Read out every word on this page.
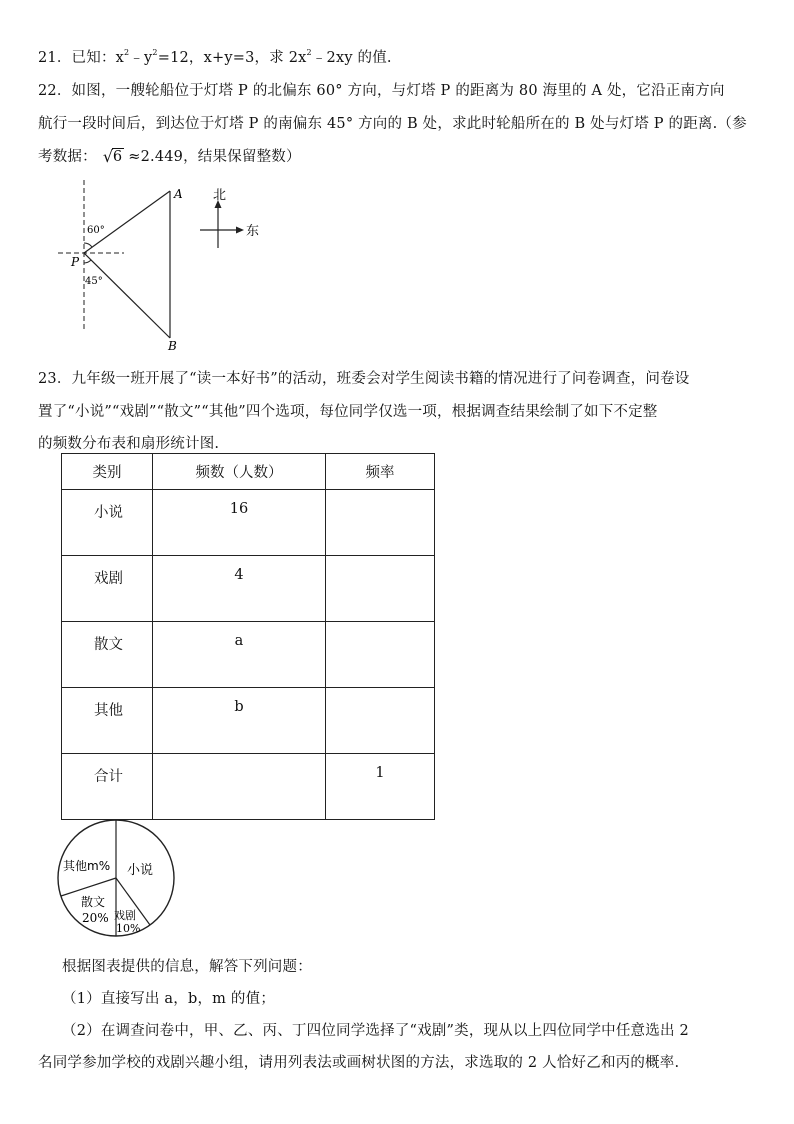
21．已知：$x^2﹣y^2=12$，x+y=3，求 $2x^2﹣2xy$ 的值.
22．如图，一艘轮船位于灯塔 P 的北偏东 60° 方向，与灯塔 P 的距离为 80 海里的 A 处，它沿正南方向
航行一段时间后，到达位于灯塔 P 的南偏东 45° 方向的 B 处，求此时轮船所在的 B 处与灯塔 P 的距离.（参
考数据： √ 6 ≈2.449，结果保留整数）
A
B
P
60°
45°
北
东
23．九年级一班开展了“读一本好书”的活动，班委会对学生阅读书籍的情况进行了问卷调查，问卷设
置了“小说”“戏剧”“散文”“其他”四个选项，每位同学仅选一项，根据调查结果绘制了如下不定整
的频数分布表和扇形统计图.
类别	频数（人数）	频率

小说	16	

戏剧	4	

散文	a	

其他	b	

合计		1
其他m% 小说
散文
20% 戏剧
10%
根据图表提供的信息，解答下列问题：
（1）直接写出 a，b，m 的值；
（2）在调查问卷中，甲、乙、丙、丁四位同学选择了“戏剧”类，现从以上四位同学中任意选出 2
名同学参加学校的戏剧兴趣小组，请用列表法或画树状图的方法，求选取的 2 人恰好乙和丙的概率.
